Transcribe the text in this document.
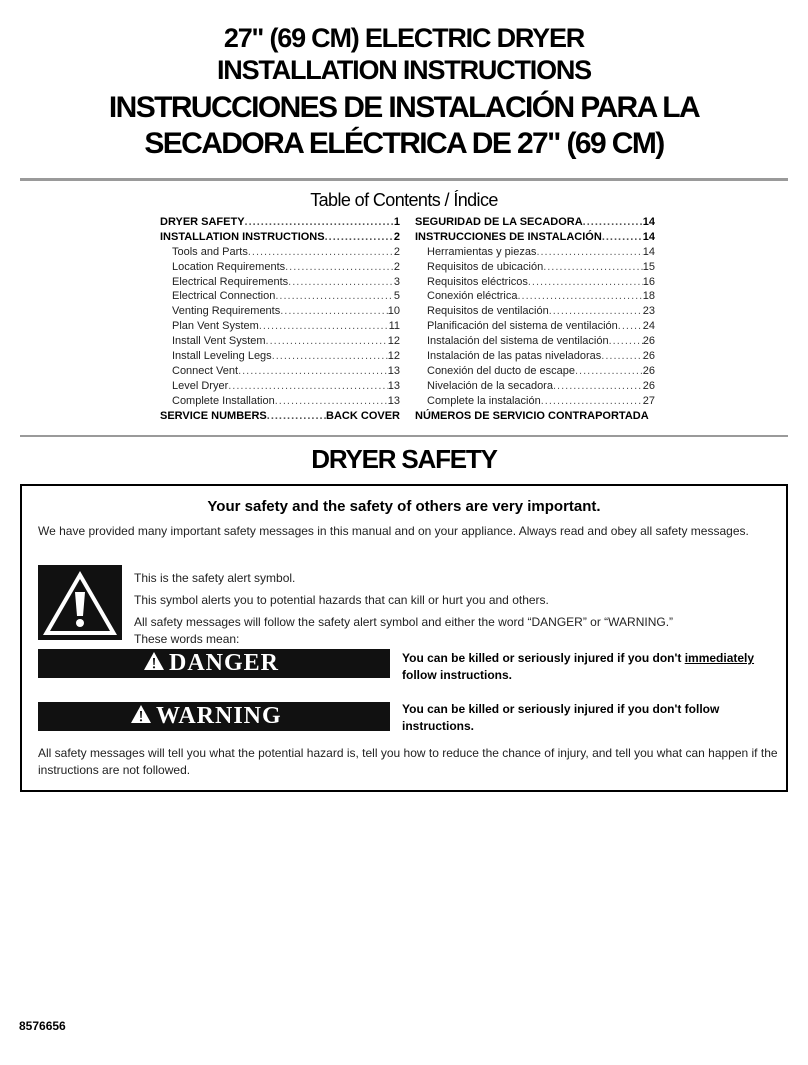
27" (69 CM) ELECTRIC DRYER
INSTALLATION INSTRUCTIONS
INSTRUCCIONES DE INSTALACIÓN PARA LA
SECADORA ELÉCTRICA DE 27" (69 CM)
Table of Contents / Índice
DRYER SAFETY .....	1
INSTALLATION INSTRUCTIONS .....	2
Tools and Parts .....	2
Location Requirements .....	2
Electrical Requirements .....	3
Electrical Connection .....	5
Venting Requirements .....	10
Plan Vent System .....	11
Install Vent System .....	12
Install Leveling Legs .....	12
Connect Vent .....	13
Level Dryer .....	13
Complete Installation .....	13
SERVICE NUMBERS .....	BACK COVER
SEGURIDAD DE LA SECADORA .....	14
INSTRUCCIONES DE INSTALACIÓN .....	14
Herramientas y piezas .....	14
Requisitos de ubicación .....	15
Requisitos eléctricos .....	16
Conexión eléctrica .....	18
Requisitos de ventilación .....	23
Planificación del sistema de ventilación ..... 24
Instalación del sistema de ventilación .....	26
Instalación de las patas niveladoras .....	26
Conexión del ducto de escape .....	26
Nivelación de la secadora .....	26
Complete la instalación .....	27
NÚMEROS DE SERVICIO CONTRAPORTADA
DRYER SAFETY
Your safety and the safety of others are very important.
We have provided many important safety messages in this manual and on your appliance. Always read and obey all safety messages.
This is the safety alert symbol.
This symbol alerts you to potential hazards that can kill or hurt you and others.
All safety messages will follow the safety alert symbol and either the word “DANGER” or “WARNING.”
These words mean:
DANGER	You can be killed or seriously injured if you don't immediately
follow instructions.
WARNING	You can be killed or seriously injured if you don't follow instructions.
All safety messages will tell you what the potential hazard is, tell you how to reduce the chance of injury, and tell you what can happen if the instructions are not followed.
8576656
